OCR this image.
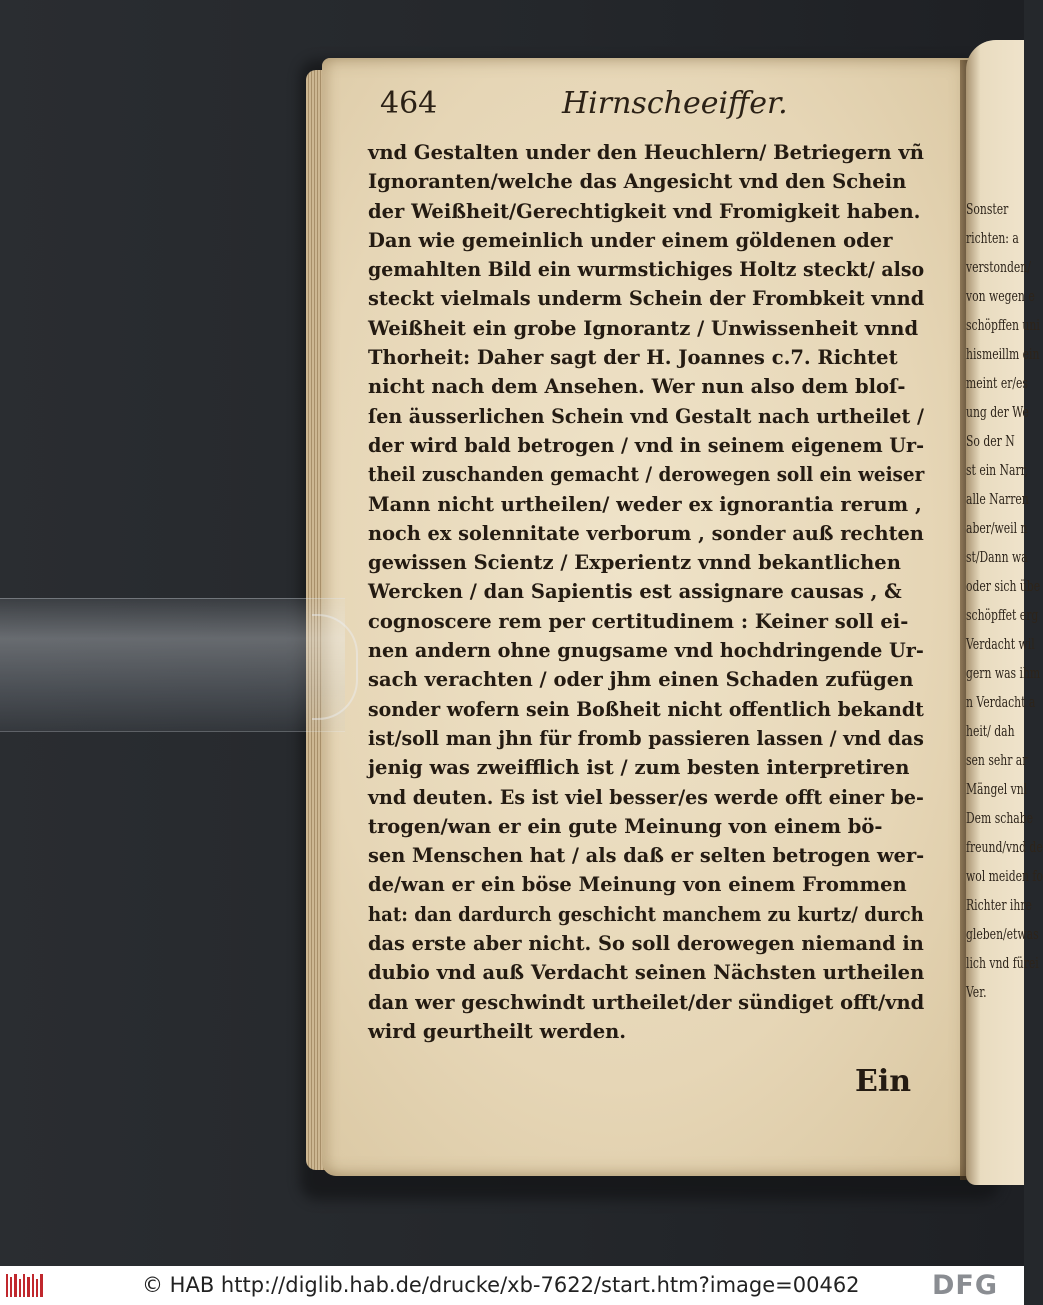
Sonster
richten: a
verstonden/
von wegen e
schöpffen uni
hismeillm ein
meint er/es
ung der We
So der N
st ein Narr,
alle Narren
aber/weil n
st/Dann wa
oder sich übe
schöpffet erg
Verdacht wil
gern was ihm
n Verdacht a
heit/ dah
sen sehr ar
Mängel vnl
Dem schabe
freund/vnd de
wol meiden fo
Richter ihre
gleben/etwas
lich vnd fürei
Ver.
464	Hirnscheeiffer.
vnd Gestalten under den Heuchlern/ Betriegern vñ
Ignoranten/welche das Angesicht vnd den Schein
der Weißheit/Gerechtigkeit vnd Fromigkeit haben.
Dan wie gemeinlich under einem göldenen oder
gemahlten Bild ein wurmstichiges Holtz steckt/ also
steckt vielmals underm Schein der Frombkeit vnnd
Weißheit ein grobe Ignorantz / Unwissenheit vnnd
Thorheit: Daher sagt der H. Joannes c.7. Richtet
nicht nach dem Ansehen. Wer nun also dem bloſ-
ſen äusserlichen Schein vnd Gestalt nach urtheilet /
der wird bald betrogen / vnd in seinem eigenem Ur-
theil zuschanden gemacht / derowegen soll ein weiser
Mann nicht urtheilen/ weder ex ignorantia rerum ,
noch ex solennitate verborum , sonder auß rechten
gewissen Scientz / Experientz vnnd bekantlichen
Wercken / dan Sapientis est assignare causas , &
cognoscere rem per certitudinem : Keiner soll ei-
nen andern ohne gnugsame vnd hochdringende Ur-
sach verachten / oder jhm einen Schaden zufügen
sonder wofern sein Boßheit nicht offentlich bekandt
ist/soll man jhn für fromb passieren lassen / vnd das
jenig was zweifflich ist / zum besten interpretiren
vnd deuten. Es ist viel besser/es werde offt einer be-
trogen/wan er ein gute Meinung von einem bö-
sen Menschen hat / als daß er selten betrogen wer-
de/wan er ein böse Meinung von einem Frommen
hat: dan dardurch geschicht manchem zu kurtz/ durch
das erste aber nicht. So soll derowegen niemand in
dubio vnd auß Verdacht seinen Nächsten urtheilen
dan wer geschwindt urtheilet/der sündiget offt/vnd
wird geurtheilt werden.
Ein
© HAB http://diglib.hab.de/drucke/xb-7622/start.htm?image=00462	DFG
